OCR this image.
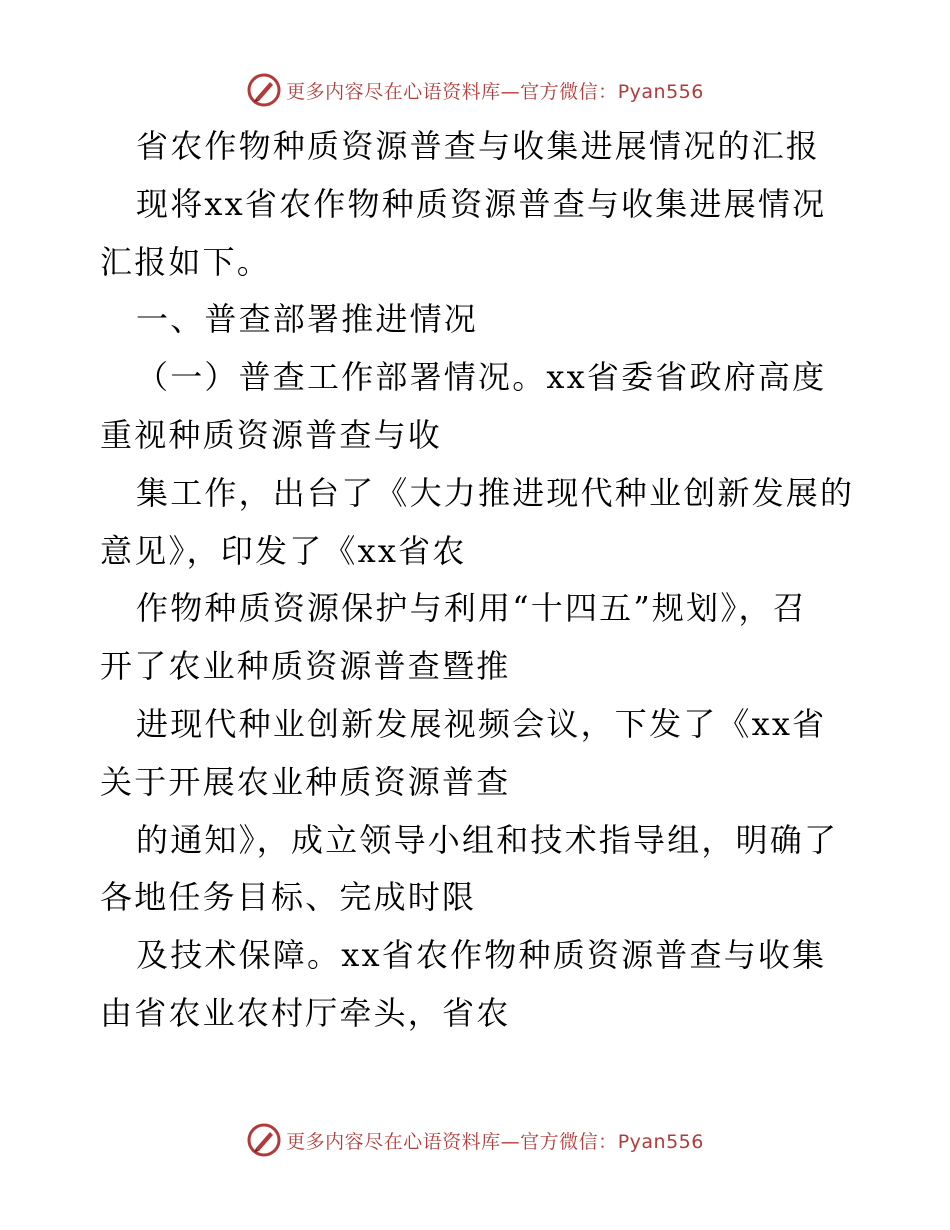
更多内容尽在心语资料库—官方微信：Pyan556
省农作物种质资源普查与收集进展情况的汇报
现将xx省农作物种质资源普查与收集进展情况
汇报如下。
一、普查部署推进情况
（一）普查工作部署情况。xx省委省政府高度
重视种质资源普查与收
集工作，出台了《大力推进现代种业创新发展的
意见》，印发了《xx省农
作物种质资源保护与利用“十四五”规划》，召
开了农业种质资源普查暨推
进现代种业创新发展视频会议，下发了《xx省
关于开展农业种质资源普查
的通知》，成立领导小组和技术指导组，明确了
各地任务目标、完成时限
及技术保障。xx省农作物种质资源普查与收集
由省农业农村厅牵头，省农
更多内容尽在心语资料库—官方微信：Pyan556
